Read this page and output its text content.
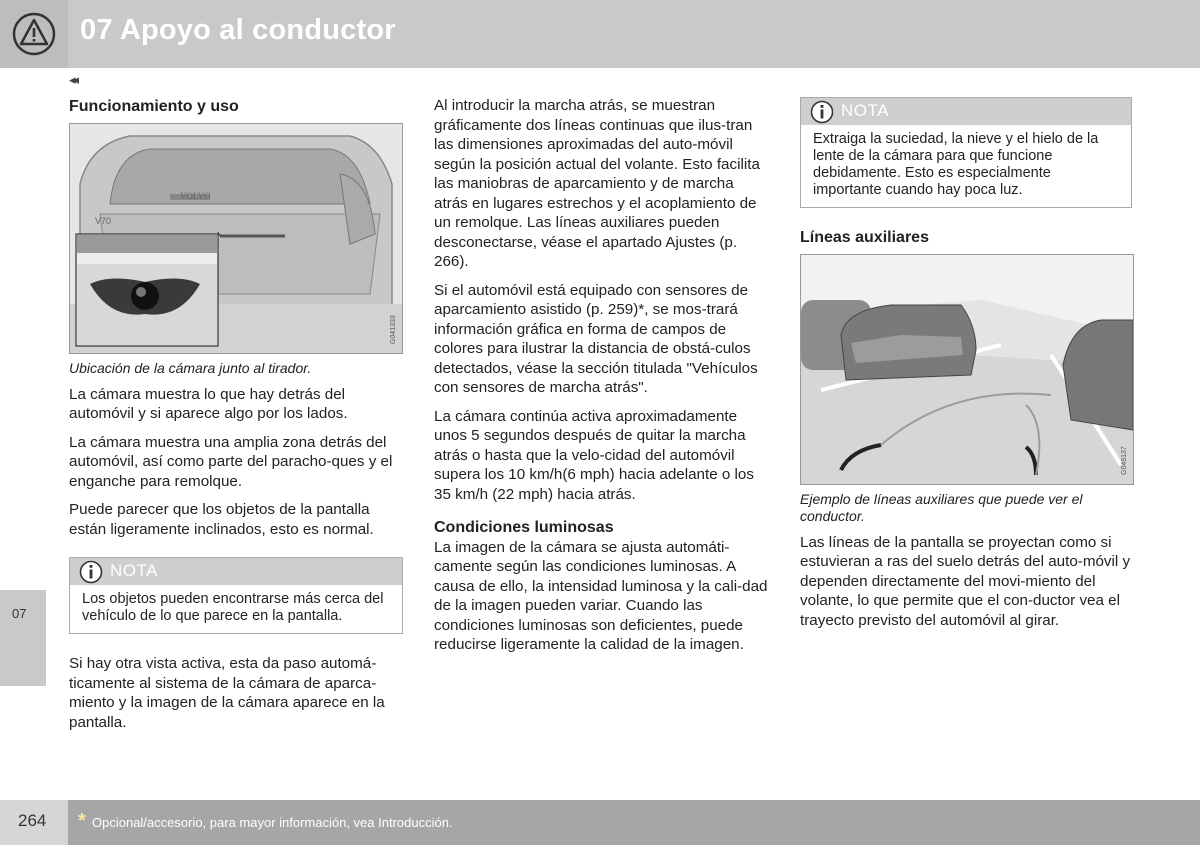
07 Apoyo al conductor
◂◂
07
Funcionamiento y uso
VOLVO
V70
G041333
Ubicación de la cámara junto al tirador.

La cámara muestra lo que hay detrás del automóvil y si aparece algo por los lados.

La cámara muestra una amplia zona detrás del automóvil, así como parte del paracho-ques y el enganche para remolque.

Puede parecer que los objetos de la pantalla están ligeramente inclinados, esto es normal.

NOTA
Los objetos pueden encontrarse más cerca del vehículo de lo que parece en la pantalla.

Si hay otra vista activa, esta da paso automá-ticamente al sistema de la cámara de aparca-miento y la imagen de la cámara aparece en la pantalla.

Al introducir la marcha atrás, se muestran gráficamente dos líneas continuas que ilus-tran las dimensiones aproximadas del auto-móvil según la posición actual del volante. Esto facilita las maniobras de aparcamiento y de marcha atrás en lugares estrechos y el acoplamiento de un remolque. Las líneas auxiliares pueden desconectarse, véase el apartado Ajustes (p. 266).

Si el automóvil está equipado con sensores de aparcamiento asistido (p. 259)*, se mos-trará información gráfica en forma de campos de colores para ilustrar la distancia de obstá-culos detectados, véase la sección titulada "Vehículos con sensores de marcha atrás".

La cámara continúa activa aproximadamente unos 5 segundos después de quitar la marcha atrás o hasta que la velo-cidad del automóvil supera los 10 km/h(6 mph) hacia adelante o los 35 km/h (22 mph) hacia atrás.

Condiciones luminosas

La imagen de la cámara se ajusta automáti-camente según las condiciones luminosas. A causa de ello, la intensidad luminosa y la cali-dad de la imagen pueden variar. Cuando las condiciones luminosas son deficientes, puede reducirse ligeramente la calidad de la imagen.

NOTA
Extraiga la suciedad, la nieve y el hielo de la lente de la cámara para que funcione debidamente. Esto es especialmente importante cuando hay poca luz.
Líneas auxiliares
G049137
Ejemplo de líneas auxiliares que puede ver el conductor.

Las líneas de la pantalla se proyectan como si estuvieran a ras del suelo detrás del auto-móvil y dependen directamente del movi-miento del volante, lo que permite que el con-ductor vea el trayecto previsto del automóvil al girar.

264 * Opcional/accesorio, para mayor información, vea Introducción.
